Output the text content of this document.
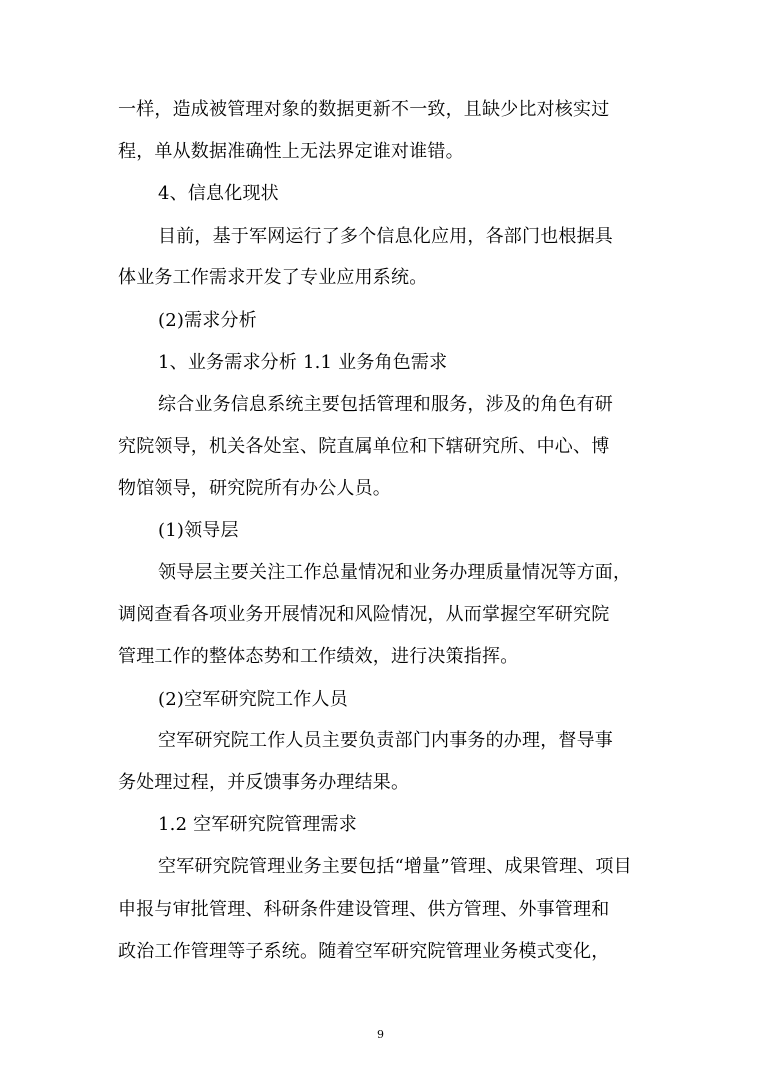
一样，造成被管理对象的数据更新不一致，且缺少比对核实过
程，单从数据准确性上无法界定谁对谁错。
4、信息化现状
目前，基于军网运行了多个信息化应用，各部门也根据具
体业务工作需求开发了专业应用系统。
(2)需求分析
1、业务需求分析 1.1 业务角色需求
综合业务信息系统主要包括管理和服务，涉及的角色有研
究院领导，机关各处室、院直属单位和下辖研究所、中心、博
物馆领导，研究院所有办公人员。
(1)领导层
领导层主要关注工作总量情况和业务办理质量情况等方面，
调阅查看各项业务开展情况和风险情况，从而掌握空军研究院
管理工作的整体态势和工作绩效，进行决策指挥。
(2)空军研究院工作人员
空军研究院工作人员主要负责部门内事务的办理，督导事
务处理过程，并反馈事务办理结果。
1.2 空军研究院管理需求
空军研究院管理业务主要包括“增量”管理、成果管理、项目
申报与审批管理、科研条件建设管理、供方管理、外事管理和
政治工作管理等子系统。随着空军研究院管理业务模式变化，
9
